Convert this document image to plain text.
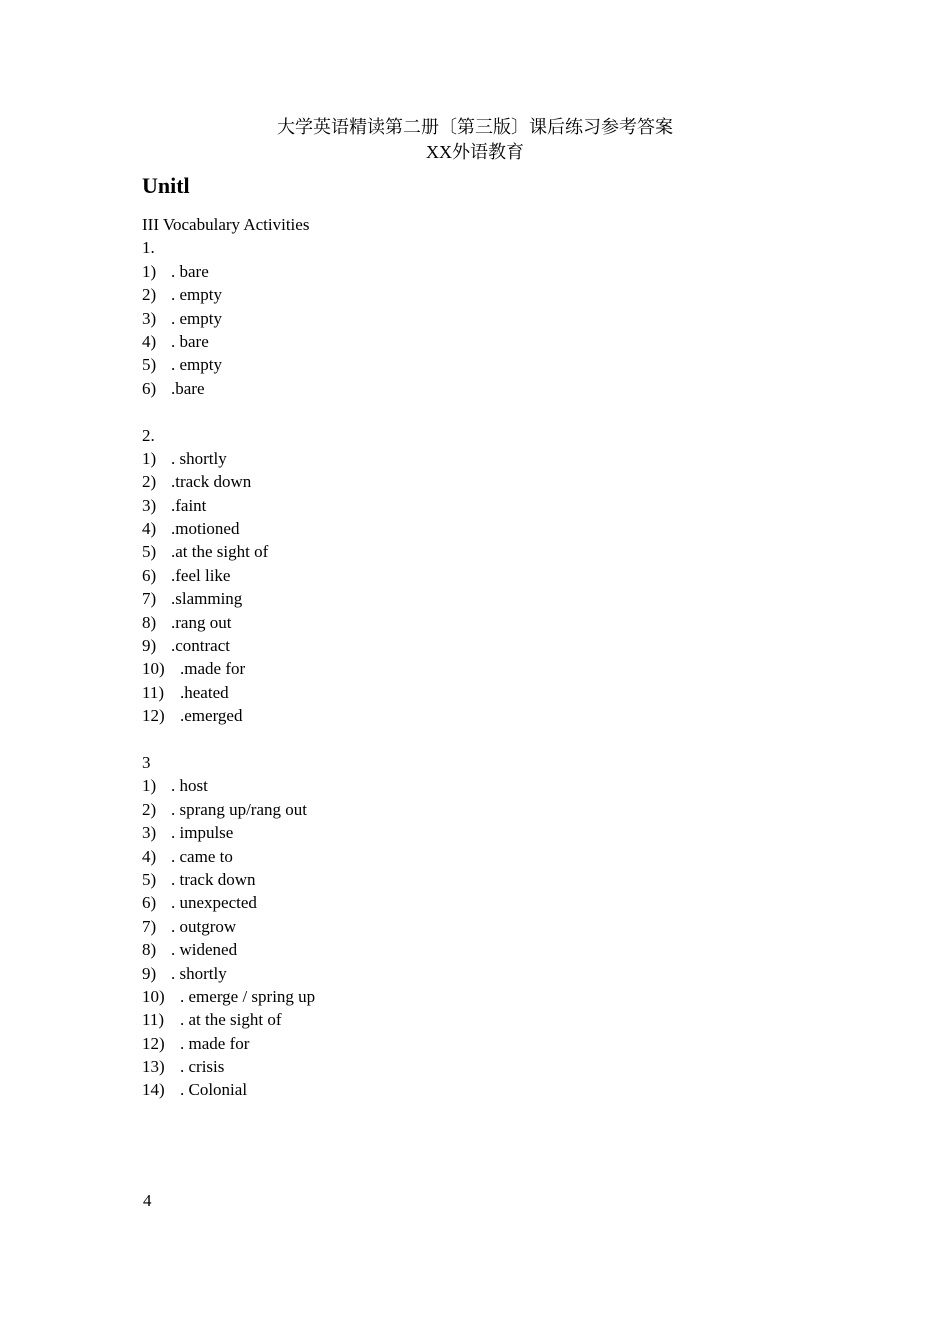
大学英语精读第二册〔第三版〕课后练习参考答案
XX外语教育
Unitl
III Vocabulary Activities
1.
1) . bare
2) . empty
3) . empty
4) . bare
5) . empty
6) .bare
2.
1) . shortly
2) .track down
3) .faint
4) .motioned
5) .at the sight of
6) .feel like
7) .slamming
8) .rang out
9) .contract
10) .made for
11) .heated
12) .emerged
3
1) . host
2) . sprang up/rang out
3) . impulse
4) . came to
5) . track down
6) . unexpected
7) . outgrow
8) . widened
9) . shortly
10) . emerge / spring up
11) . at the sight of
12) . made for
13) . crisis
14) . Colonial
4
